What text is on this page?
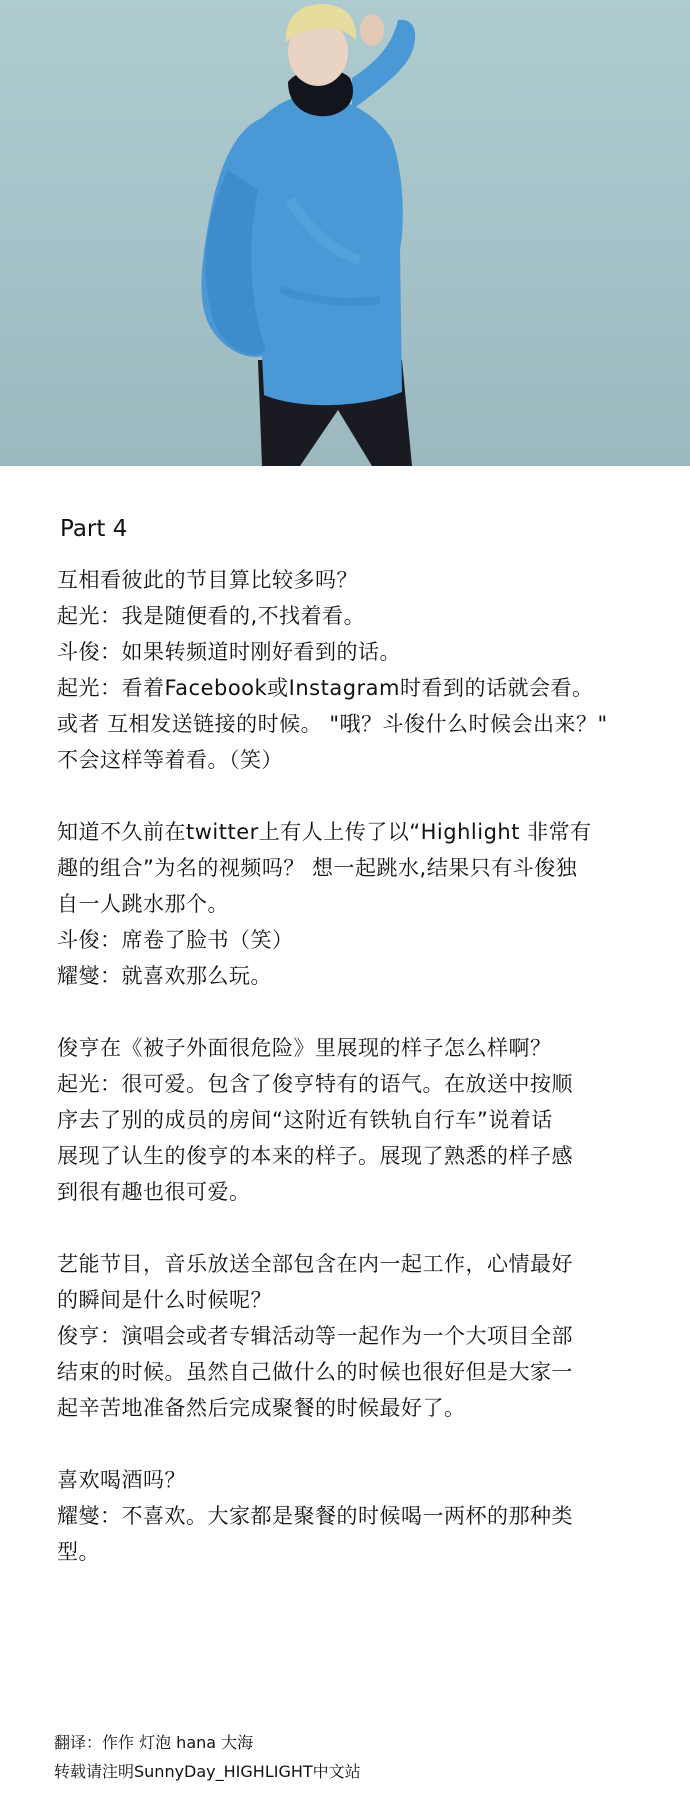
Part 4
互相看彼此的节目算比较多吗？
起光：我是随便看的,不找着看。
斗俊：如果转频道时刚好看到的话。
起光：看着Facebook或Instagram时看到的话就会看。
或者 互相发送链接的时候。 "哦？斗俊什么时候会出来？"
不会这样等着看。（笑）
知道不久前在twitter上有人上传了以“Highlight 非常有
趣的组合”为名的视频吗？ 想一起跳水,结果只有斗俊独
自一人跳水那个。
斗俊：席卷了脸书（笑）
耀燮：就喜欢那么玩。
俊亨在《被子外面很危险》里展现的样子怎么样啊？
起光：很可爱。包含了俊亨特有的语气。在放送中按顺
序去了别的成员的房间“这附近有铁轨自行车”说着话
展现了认生的俊亨的本来的样子。展现了熟悉的样子感
到很有趣也很可爱。
艺能节目，音乐放送全部包含在内一起工作，心情最好
的瞬间是什么时候呢？
俊亨：演唱会或者专辑活动等一起作为一个大项目全部
结束的时候。虽然自己做什么的时候也很好但是大家一
起辛苦地准备然后完成聚餐的时候最好了。
喜欢喝酒吗？
耀燮：不喜欢。大家都是聚餐的时候喝一两杯的那种类
型。
翻译：作作 灯泡 hana 大海
转载请注明SunnyDay_HIGHLIGHT中文站
